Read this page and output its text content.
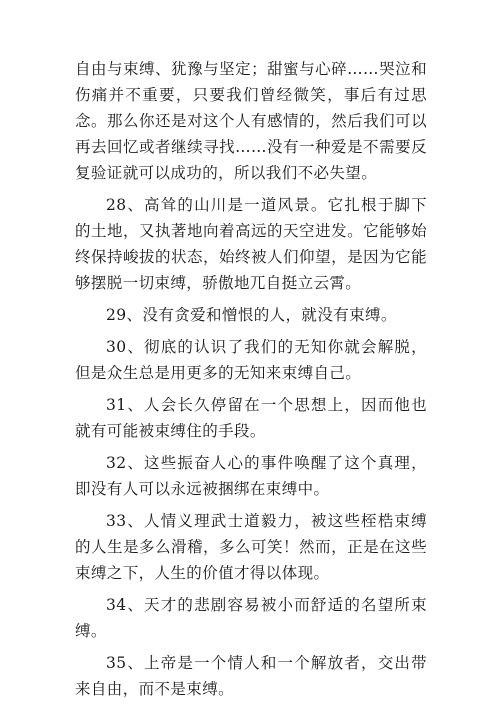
自由与束缚、犹豫与坚定；甜蜜与心碎……哭泣和伤痛并不重要，只要我们曾经微笑，事后有过思念。那么你还是对这个人有感情的，然后我们可以再去回忆或者继续寻找……没有一种爱是不需要反复验证就可以成功的，所以我们不必失望。

28、高耸的山川是一道风景。它扎根于脚下的土地，又执著地向着高远的天空进发。它能够始终保持峻拔的状态，始终被人们仰望，是因为它能够摆脱一切束缚，骄傲地兀自挺立云霄。

29、没有贪爱和憎恨的人，就没有束缚。

30、彻底的认识了我们的无知你就会解脱，但是众生总是用更多的无知来束缚自己。

31、人会长久停留在一个思想上，因而他也就有可能被束缚住的手段。

32、这些振奋人心的事件唤醒了这个真理，即没有人可以永远被捆绑在束缚中。

33、人情义理武士道毅力，被这些桎梏束缚的人生是多么滑稽，多么可笑！然而，正是在这些束缚之下，人生的价值才得以体现。

34、天才的悲剧容易被小而舒适的名望所束缚。

35、上帝是一个情人和一个解放者，交出带来自由，而不是束缚。
